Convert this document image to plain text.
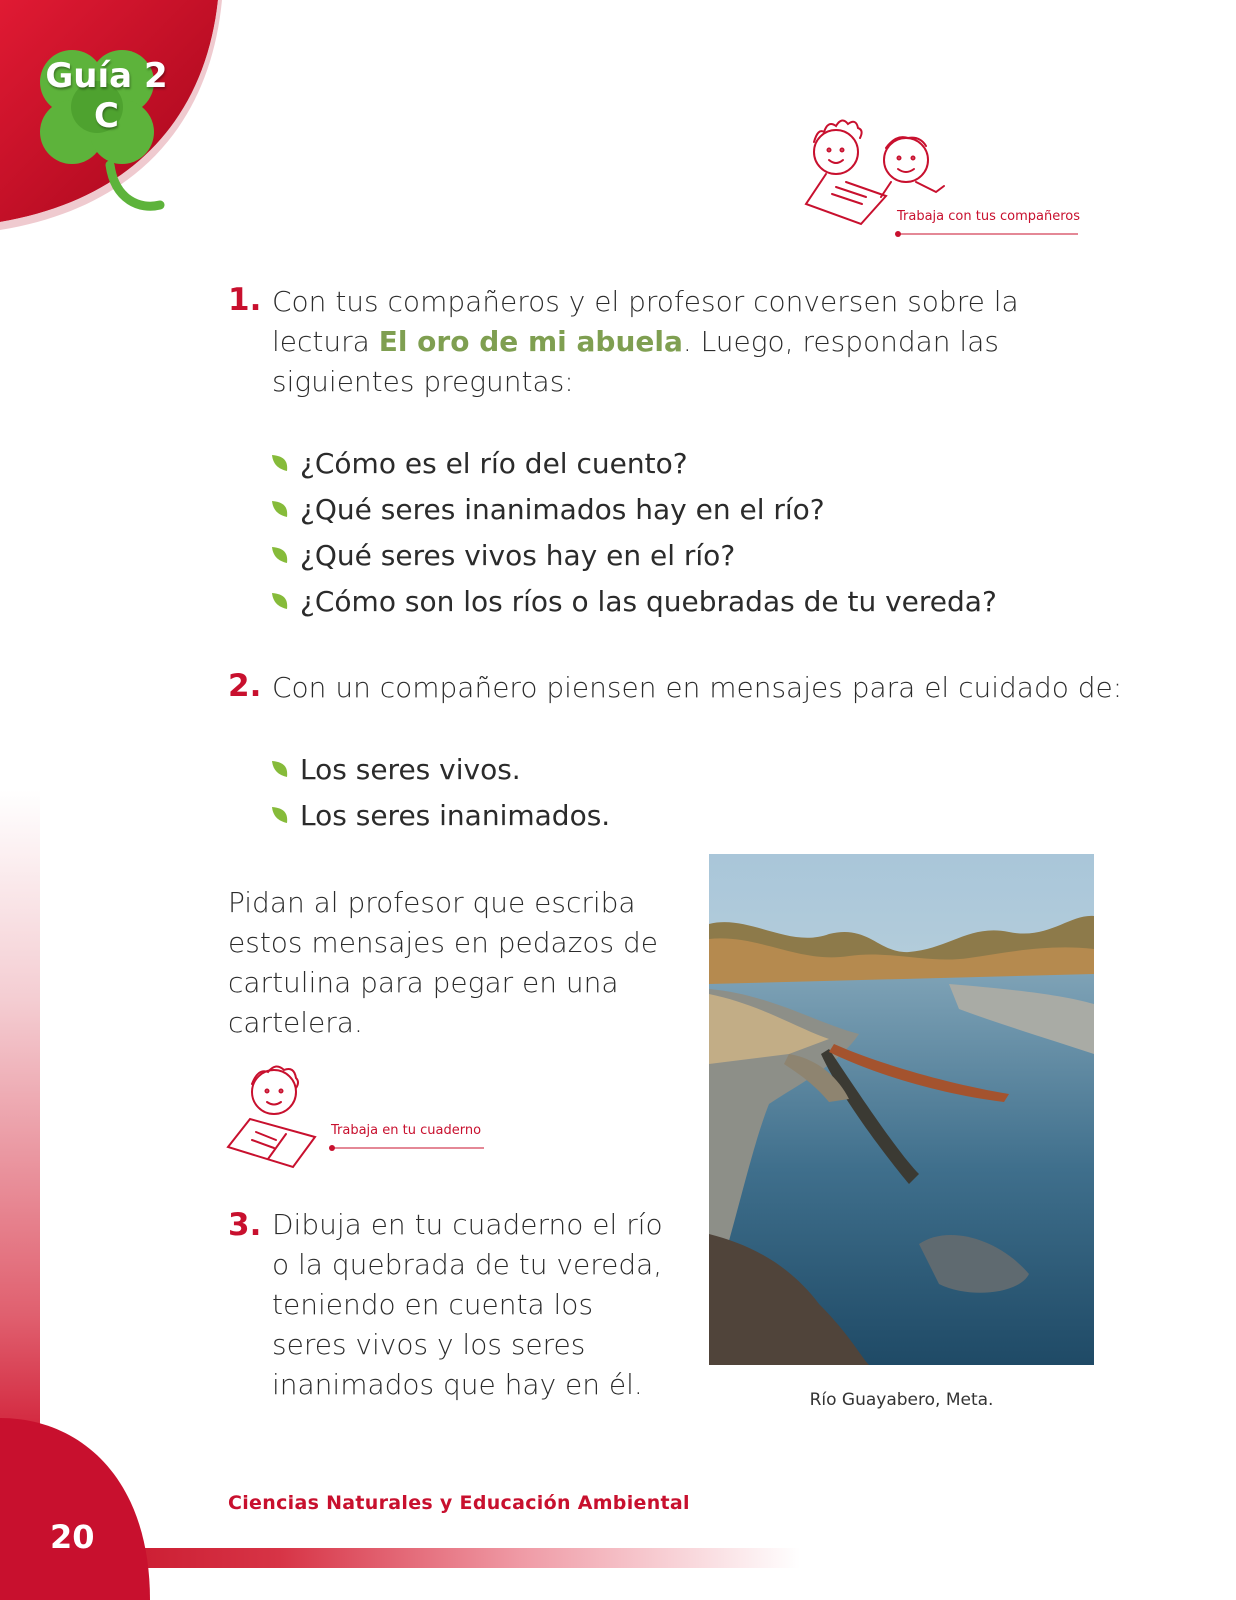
Guía 2
C
Trabaja con tus compañeros
1. Con tus compañeros y el profesor conversen sobre la lectura El oro de mi abuela. Luego, respondan las siguientes preguntas:
¿Cómo es el río del cuento?
¿Qué seres inanimados hay en el río?
¿Qué seres vivos hay en el río?
¿Cómo son los ríos o las quebradas de tu vereda?
2. Con un compañero piensen en mensajes para el cuidado de:
Los seres vivos.
Los seres inanimados.
Pidan al profesor que escriba estos mensajes en pedazos de cartulina para pegar en una cartelera.
Trabaja en tu cuaderno
3. Dibuja en tu cuaderno el río o la quebrada de tu vereda, teniendo en cuenta los seres vivos y los seres inanimados que hay en él.	Río Guayabero, Meta.
Ciencias Naturales y Educación Ambiental
20
